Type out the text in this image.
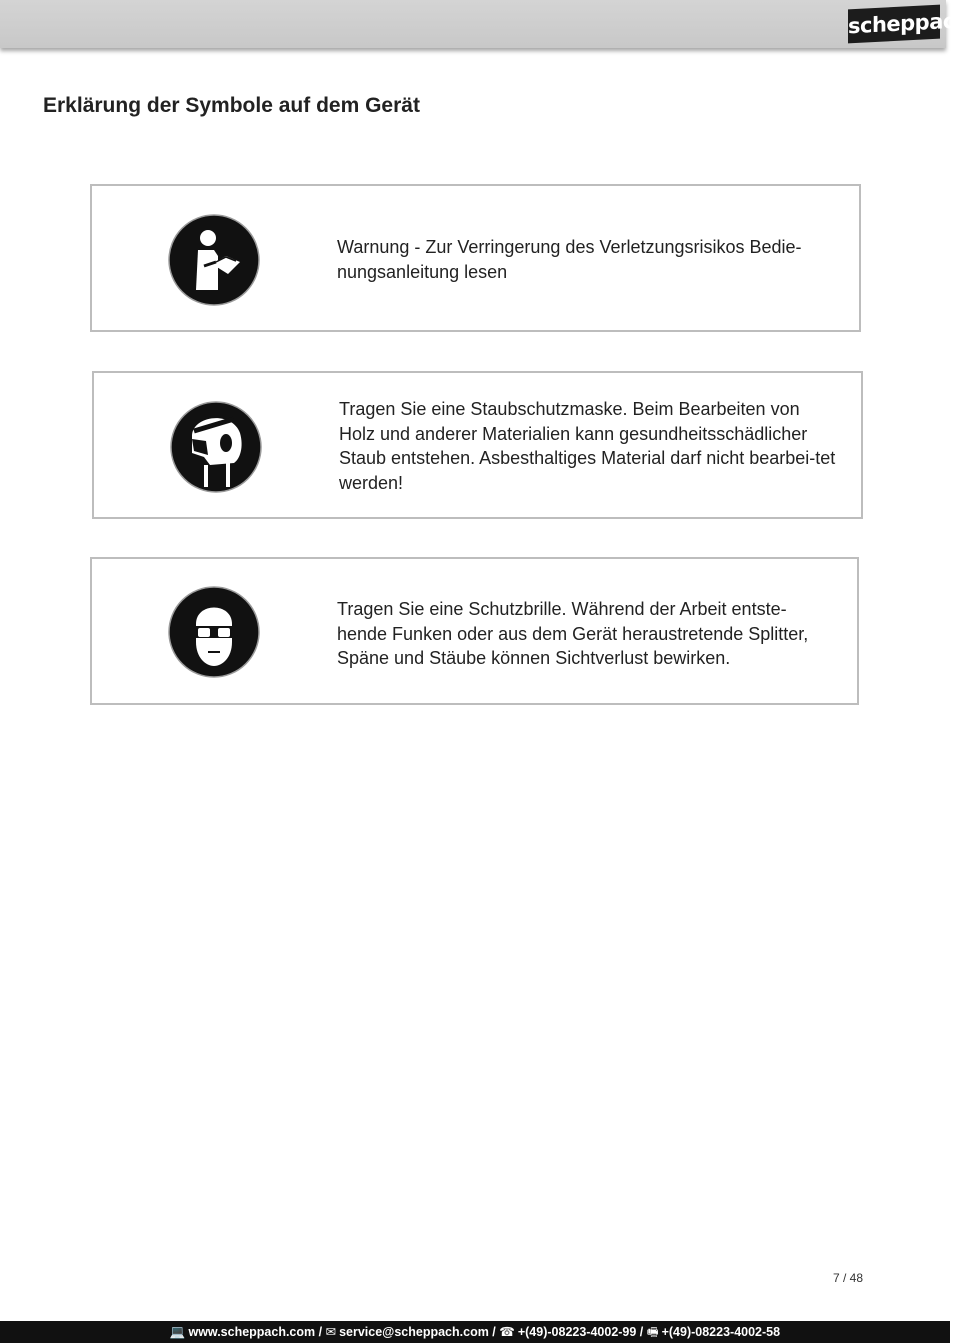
scheppach
Erklärung der Symbole auf dem Gerät

Warnung - Zur Verringerung des Verletzungsrisikos Bedie-nungsanleitung lesen

Tragen Sie eine Staubschutzmaske. Beim Bearbeiten von Holz und anderer Materialien kann gesundheitsschädlicher Staub entstehen. Asbesthaltiges Material darf nicht bearbei-tet werden!

Tragen Sie eine Schutzbrille. Während der Arbeit entste-hende Funken oder aus dem Gerät heraustretende Splitter, Späne und Stäube können Sichtverlust bewirken.

7 / 48
💻 www.scheppach.com / ✉ service@scheppach.com / ☎ +(49)-08223-4002-99 / 🖷 +(49)-08223-4002-58
